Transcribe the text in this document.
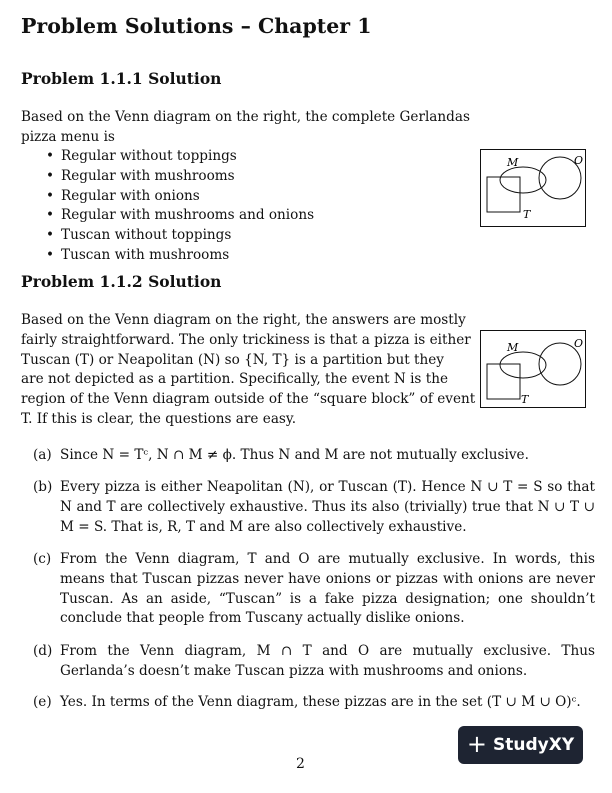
Problem Solutions – Chapter 1
Problem 1.1.1 Solution
Based on the Venn diagram on the right, the complete Gerlandas pizza menu is
• Regular without toppings
• Regular with mushrooms
• Regular with onions
• Regular with mushrooms and onions
• Tuscan without toppings
• Tuscan with mushrooms
M	O
T
Problem 1.1.2 Solution
Based on the Venn diagram on the right, the answers are mostly
fairly straightforward. The only trickiness is that a pizza is either
Tuscan (T) or Neapolitan (N) so {N, T} is a partition but they
are not depicted as a partition. Specifically, the event N is the
region of the Venn diagram outside of the “square block” of event
T. If this is clear, the questions are easy.
M	O
T
(a) Since N = Tᶜ, N ∩ M ≠ ϕ. Thus N and M are not mutually exclusive.
(b) Every pizza is either Neapolitan (N), or Tuscan (T). Hence N ∪ T = S so that N and T are collectively exhaustive. Thus its also (trivially) true that N ∪ T ∪ M = S. That is, R, T and M are also collectively exhaustive.
(c) From the Venn diagram, T and O are mutually exclusive. In words, this means that Tuscan pizzas never have onions or pizzas with onions are never Tuscan. As an aside, “Tuscan” is a fake pizza designation; one shouldn’t conclude that people from Tuscany actually dislike onions.
(d) From the Venn diagram, M ∩ T and O are mutually exclusive. Thus Gerlanda’s doesn’t make Tuscan pizza with mushrooms and onions.
(e) Yes. In terms of the Venn diagram, these pizzas are in the set (T ∪ M ∪ O)ᶜ.
2
+ StudyXY
